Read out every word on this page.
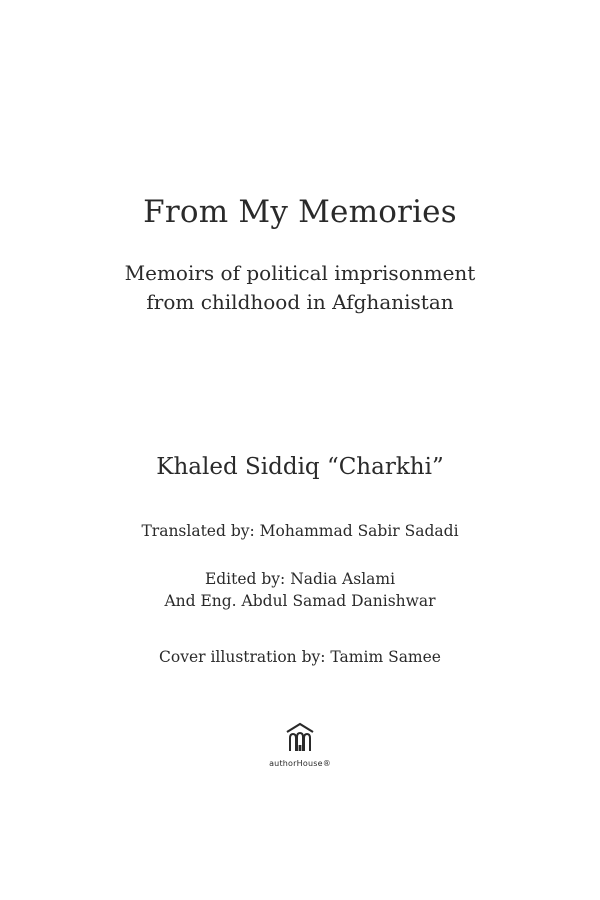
From My Memories
Memoirs of political imprisonment
from childhood in Afghanistan
Khaled Siddiq “Charkhi”
Translated by: Mohammad Sabir Sadadi
Edited by: Nadia Aslami
And Eng. Abdul Samad Danishwar
Cover illustration by: Tamim Samee
authorHouse®
